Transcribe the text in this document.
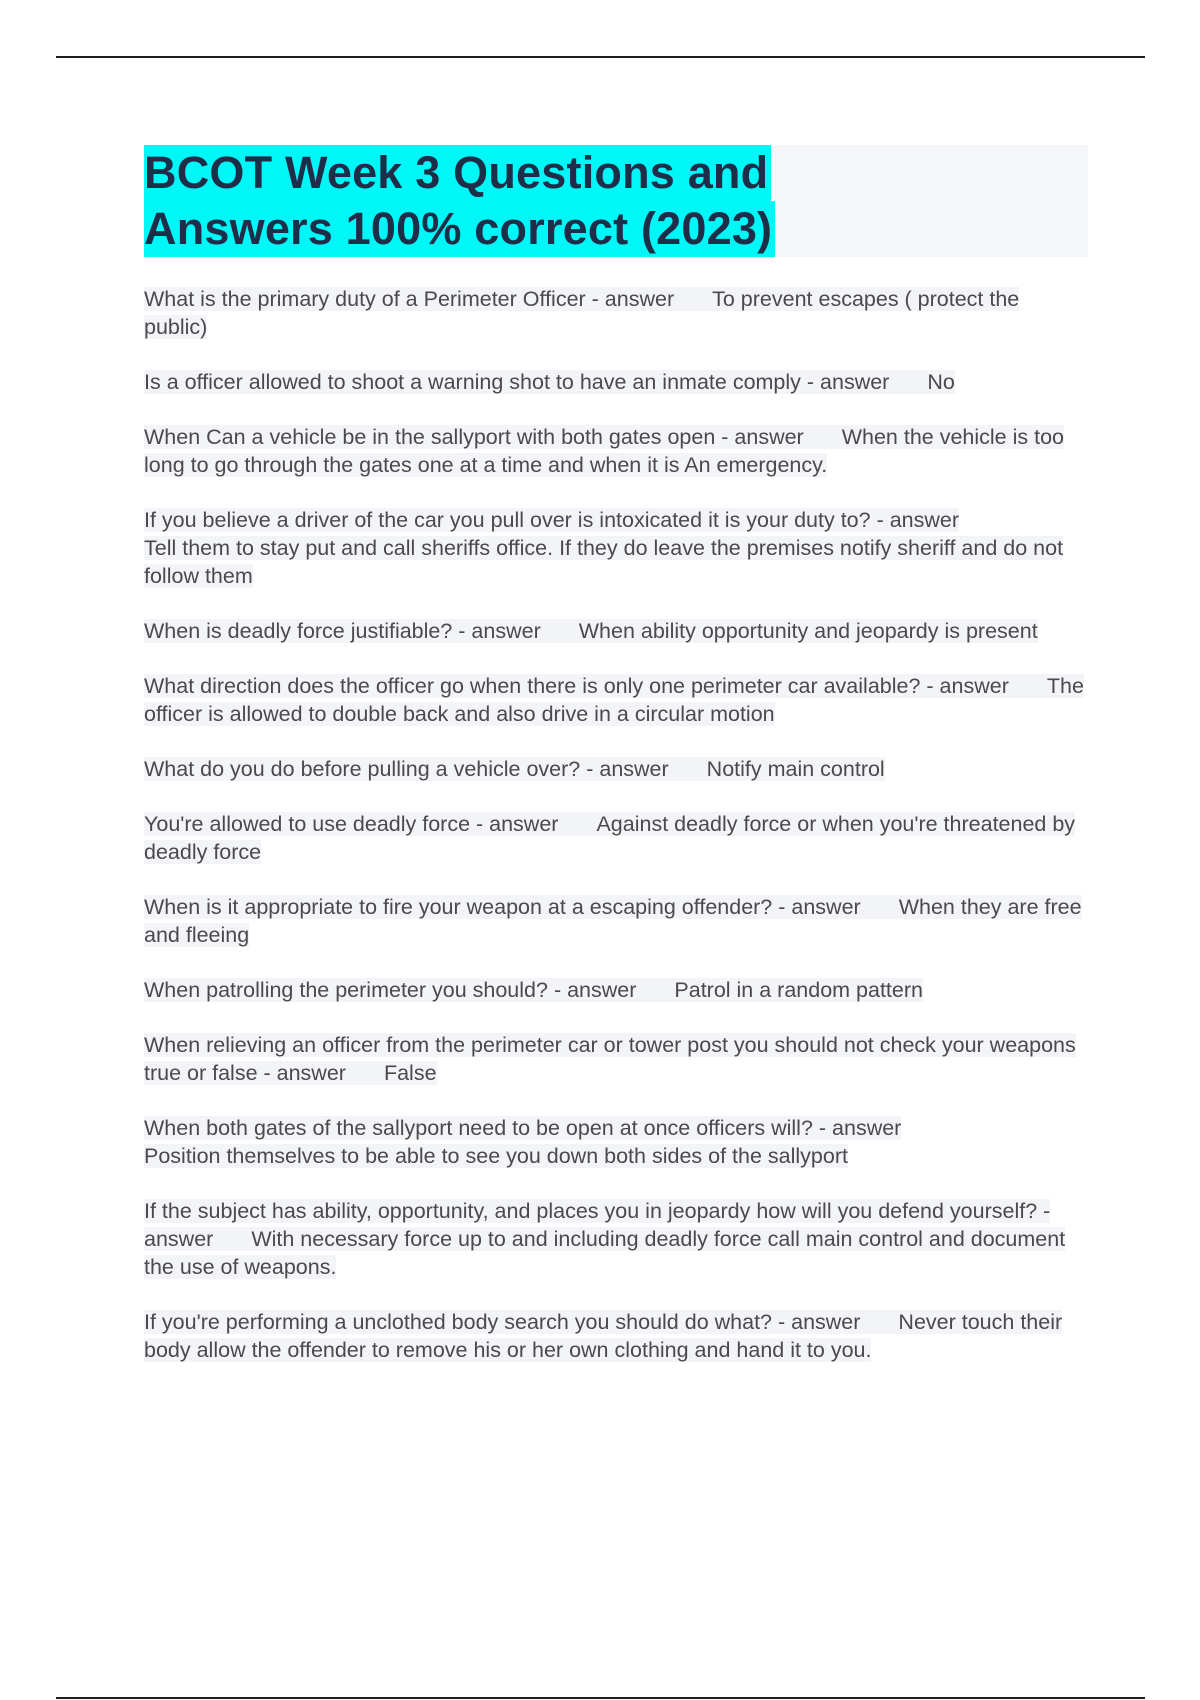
BCOT Week 3 Questions and
Answers 100% correct (2023)

What is the primary duty of a Perimeter Officer - answer To prevent escapes ( protect the public)

Is a officer allowed to shoot a warning shot to have an inmate comply - answer No

When Can a vehicle be in the sallyport with both gates open - answer When the vehicle is too long to go through the gates one at a time and when it is An emergency.

If you believe a driver of the car you pull over is intoxicated it is your duty to? - answer
Tell them to stay put and call sheriffs office. If they do leave the premises notify sheriff and do not follow them

When is deadly force justifiable? - answer When ability opportunity and jeopardy is present

What direction does the officer go when there is only one perimeter car available? - answer The officer is allowed to double back and also drive in a circular motion

What do you do before pulling a vehicle over? - answer Notify main control

You're allowed to use deadly force - answer Against deadly force or when you're threatened by deadly force

When is it appropriate to fire your weapon at a escaping offender? - answer When they are free and fleeing

When patrolling the perimeter you should? - answer Patrol in a random pattern

When relieving an officer from the perimeter car or tower post you should not check your weapons true or false - answer False

When both gates of the sallyport need to be open at once officers will? - answer
Position themselves to be able to see you down both sides of the sallyport

If the subject has ability, opportunity, and places you in jeopardy how will you defend yourself? - answer With necessary force up to and including deadly force call main control and document the use of weapons.

If you're performing a unclothed body search you should do what? - answer Never touch their body allow the offender to remove his or her own clothing and hand it to you.
